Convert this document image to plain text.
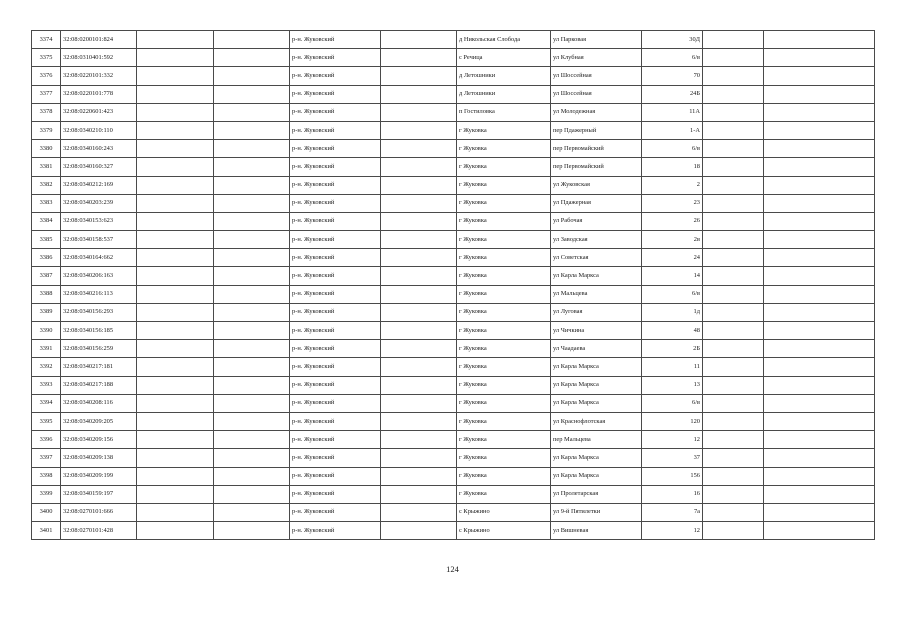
3374	32:08:0200101:824			р-н. Жуковский		д Никольская Слобода	ул Парковая	30Д		
3375	32:08:0310401:592			р-н. Жуковский		с Речица	ул Клубная	6/в		
3376	32:08:0220101:332			р-н. Жуковский		д Летошники	ул Шоссейная	70		
3377	32:08:0220101:778			р-н. Жуковский		д Летошники	ул Шоссейная	24Б		
3378	32:08:0220601:423			р-н. Жуковский		п Гостиловка	ул Молодежная	11А		
3379	32:08:0340210:110			р-н. Жуковский		г Жуковка	пер Пдажерный	1-А		
3380	32:08:0340160:243			р-н. Жуковский		г Жуковка	пер Первомайский	6/в		
3381	32:08:0340160:327			р-н. Жуковский		г Жуковка	пер Первомайский	18		
3382	32:08:0340212:169			р-н. Жуковский		г Жуковка	ул Жуковская	2		
3383	32:08:0340203:239			р-н. Жуковский		г Жуковка	ул Пдажерная	23		
3384	32:08:0340153:623			р-н. Жуковский		г Жуковка	ул Рабочая	26		
3385	32:08:0340158:537			р-н. Жуковский		г Жуковка	ул Заводская	2в		
3386	32:08:0340164:662			р-н. Жуковский		г Жуковка	ул Советская	24		
3387	32:08:0340206:163			р-н. Жуковский		г Жуковка	ул Карла Маркса	14		
3388	32:08:0340216:113			р-н. Жуковский		г Жуковка	ул Мальцева	6/в		
3389	32:08:0340156:293			р-н. Жуковский		г Жуковка	ул Луговая	1д		
3390	32:08:0340156:185			р-н. Жуковский		г Жуковка	ул Чичкина	48		
3391	32:08:0340156:259			р-н. Жуковский		г Жуковка	ул Чаадаева	2Б		
3392	32:08:0340217:181			р-н. Жуковский		г Жуковка	ул Карла Маркса	11		
3393	32:08:0340217:188			р-н. Жуковский		г Жуковка	ул Карла Маркса	13		
3394	32:08:0340208:116			р-н. Жуковский		г Жуковка	ул Карла Маркса	6/в		
3395	32:08:0340209:205			р-н. Жуковский		г Жуковка	ул Краснофлотская	120		
3396	32:08:0340209:156			р-н. Жуковский		г Жуковка	пер Мальцева	12		
3397	32:08:0340209:138			р-н. Жуковский		г Жуковка	ул Карла Маркса	37		
3398	32:08:0340209:199			р-н. Жуковский		г Жуковка	ул Карла Маркса	156		
3399	32:08:0340159:197			р-н. Жуковский		г Жуковка	ул Пролетарская	16		
3400	32:08:0270101:666			р-н. Жуковский		с Крыжино	ул 9-й Пятилетки	7а		
3401	32:08:0270101:428			р-н. Жуковский		с Крыжино	ул Вишневая	12		
124
